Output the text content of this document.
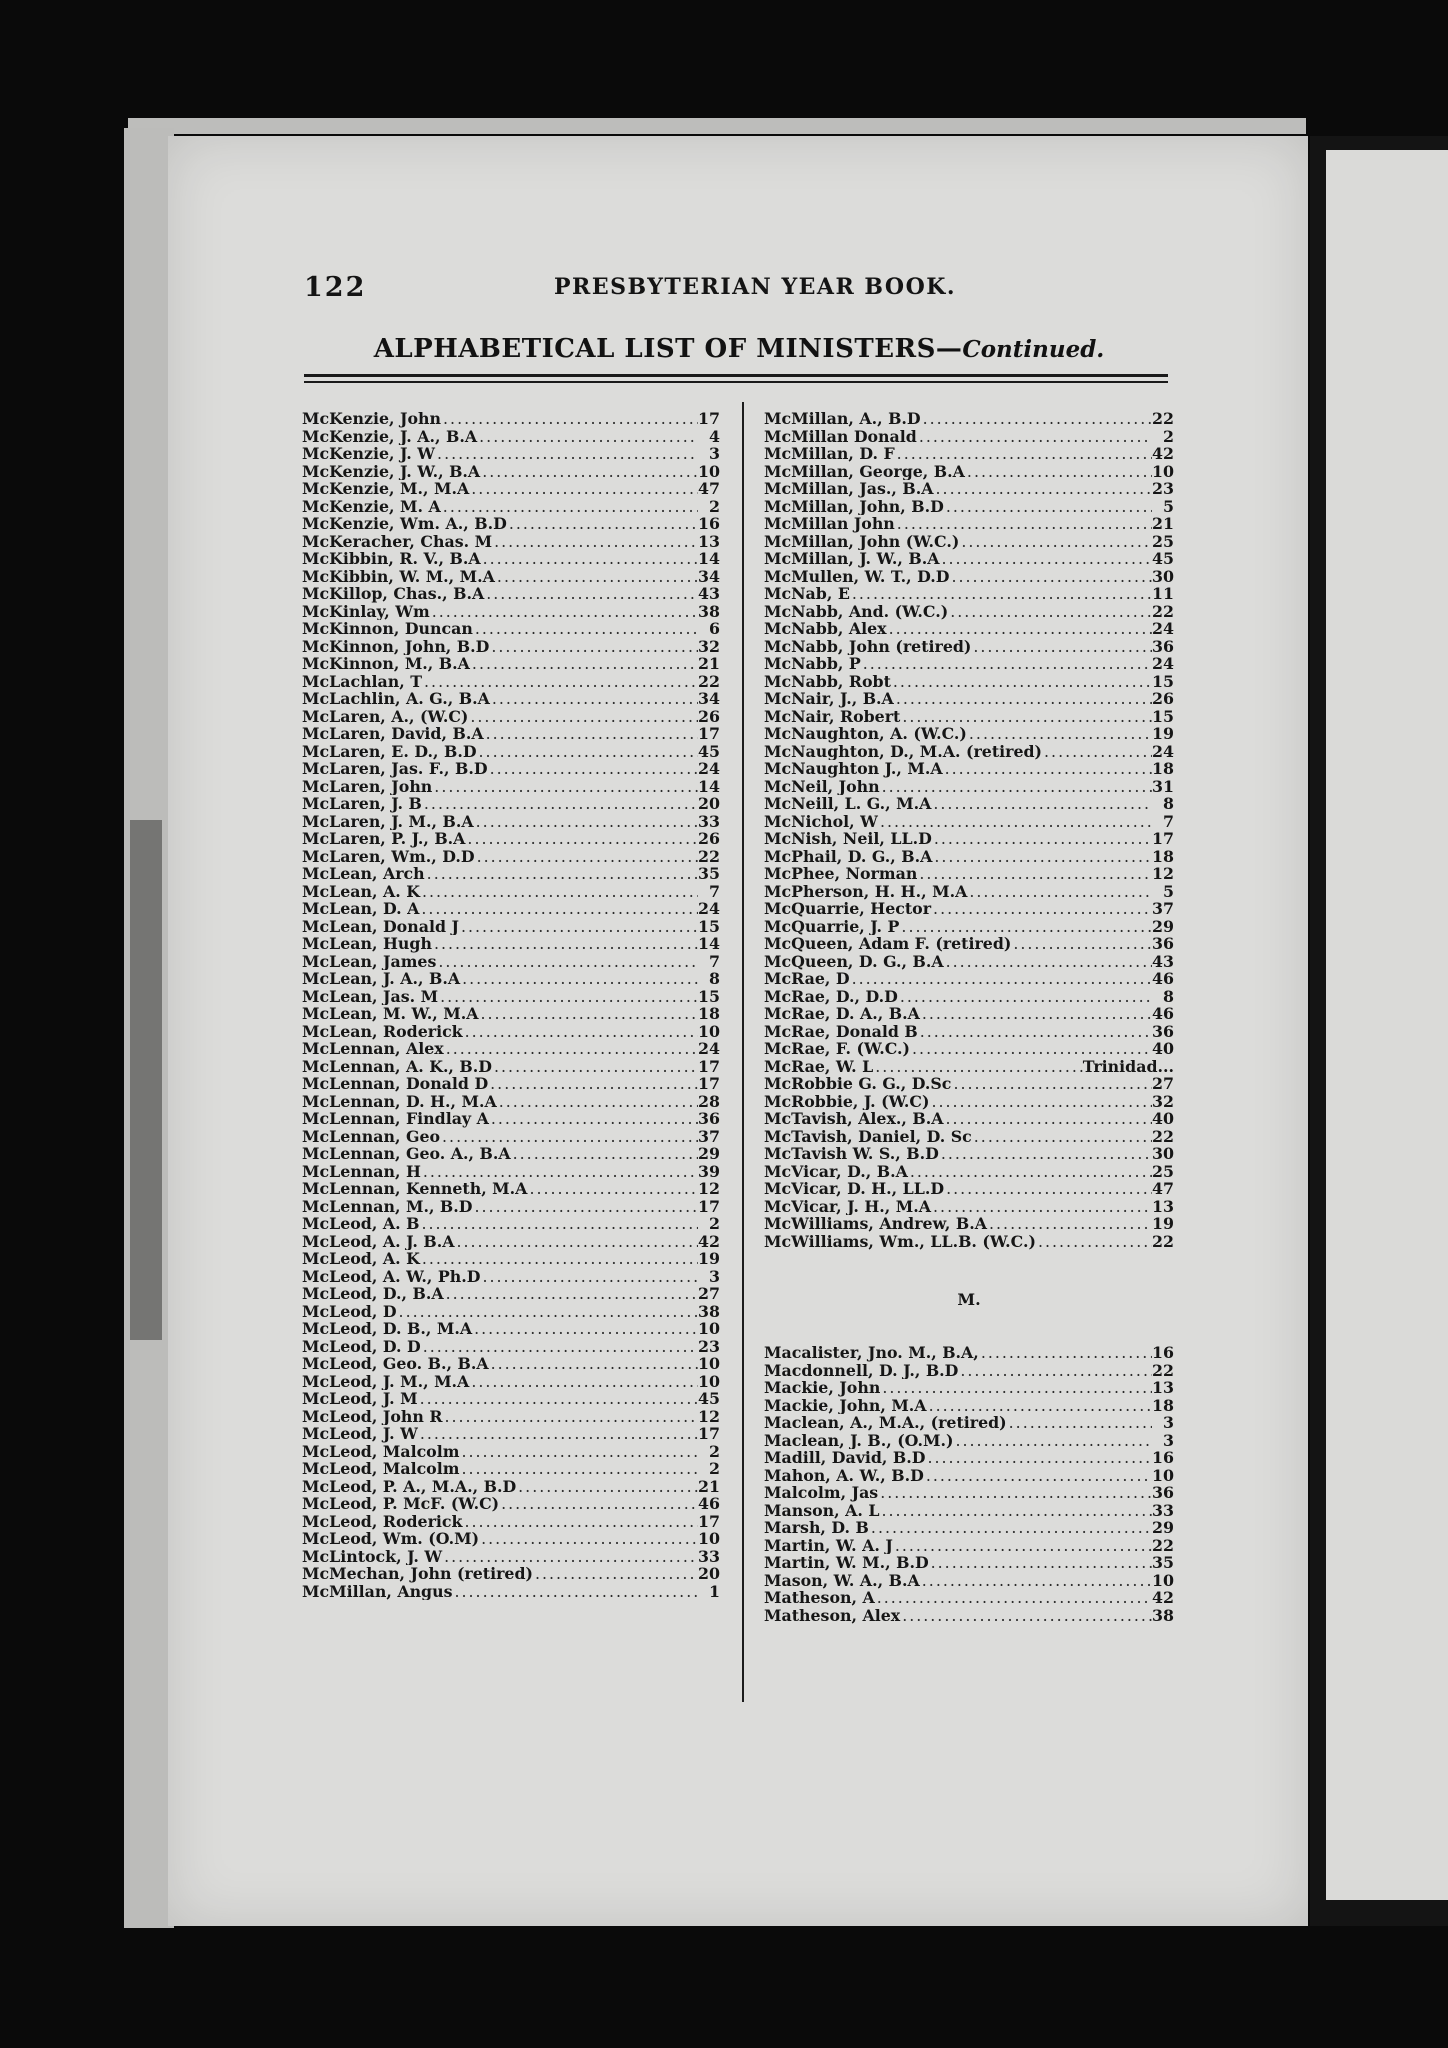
122	PRESBYTERIAN YEAR BOOK.
ALPHABETICAL LIST OF MINISTERS—Continued.
McKenzie, John .....	17
McKenzie, J. A., B.A .....	4
McKenzie, J. W .....	3
McKenzie, J. W., B.A .....	10
McKenzie, M., M.A .....	47
McKenzie, M. A .....	2
McKenzie, Wm. A., B.D .....	16
McKeracher, Chas. M .....	13
McKibbin, R. V., B.A .....	14
McKibbin, W. M., M.A .....	34
McKillop, Chas., B.A .....	43
McKinlay, Wm .....	38
McKinnon, Duncan .....	6
McKinnon, John, B.D .....	32
McKinnon, M., B.A .....	21
McLachlan, T .....	22
McLachlin, A. G., B.A .....	34
McLaren, A., (W.C) .....	26
McLaren, David, B.A .....	17
McLaren, E. D., B.D .....	45
McLaren, Jas. F., B.D .....	24
McLaren, John .....	14
McLaren, J. B .....	20
McLaren, J. M., B.A .....	33
McLaren, P. J., B.A .....	26
McLaren, Wm., D.D .....	22
McLean, Arch .....	35
McLean, A. K .....	7
McLean, D. A .....	24
McLean, Donald J .....	15
McLean, Hugh .....	14
McLean, James .....	7
McLean, J. A., B.A .....	8
McLean, Jas. M .....	15
McLean, M. W., M.A .....	18
McLean, Roderick .....	10
McLennan, Alex .....	24
McLennan, A. K., B.D .....	17
McLennan, Donald D .....	17
McLennan, D. H., M.A .....	28
McLennan, Findlay A .....	36
McLennan, Geo .....	37
McLennan, Geo. A., B.A .....	29
McLennan, H .....	39
McLennan, Kenneth, M.A .....	12
McLennan, M., B.D .....	17
McLeod, A. B .....	2
McLeod, A. J. B.A .....	42
McLeod, A. K .....	19
McLeod, A. W., Ph.D .....	3
McLeod, D., B.A .....	27
McLeod, D .....	38
McLeod, D. B., M.A .....	10
McLeod, D. D .....	23
McLeod, Geo. B., B.A .....	10
McLeod, J. M., M.A .....	10
McLeod, J. M .....	45
McLeod, John R .....	12
McLeod, J. W .....	17
McLeod, Malcolm .....	2
McLeod, Malcolm .....	2
McLeod, P. A., M.A., B.D .....	21
McLeod, P. McF. (W.C) .....	46
McLeod, Roderick .....	17
McLeod, Wm. (O.M) .....	10
McLintock, J. W .....	33
McMechan, John (retired) .....	20
McMillan, Angus .....	1
McMillan, A., B.D .....	22
McMillan Donald .....	2
McMillan, D. F .....	42
McMillan, George, B.A .....	10
McMillan, Jas., B.A .....	23
McMillan, John, B.D .....	5
McMillan John .....	21
McMillan, John (W.C.) .....	25
McMillan, J. W., B.A .....	45
McMullen, W. T., D.D .....	30
McNab, E .....	11
McNabb, And. (W.C.) .....	22
McNabb, Alex .....	24
McNabb, John (retired) .....	36
McNabb, P .....	24
McNabb, Robt .....	15
McNair, J., B.A .....	26
McNair, Robert .....	15
McNaughton, A. (W.C.) .....	19
McNaughton, D., M.A. (retired) .....	24
McNaughton J., M.A .....	18
McNeil, John .....	31
McNeill, L. G., M.A .....	8
McNichol, W .....	7
McNish, Neil, LL.D .....	17
McPhail, D. G., B.A .....	18
McPhee, Norman .....	12
McPherson, H. H., M.A .....	5
McQuarrie, Hector .....	37
McQuarrie, J. P .....	29
McQueen, Adam F. (retired) .....	36
McQueen, D. G., B.A .....	43
McRae, D .....	46
McRae, D., D.D .....	8
McRae, D. A., B.A .....	46
McRae, Donald B .....	36
McRae, F. (W.C.) .....	40
McRae, W. L .....	Trinidad...
McRobbie G. G., D.Sc .....	27
McRobbie, J. (W.C) .....	32
McTavish, Alex., B.A .....	40
McTavish, Daniel, D. Sc .....	22
McTavish W. S., B.D .....	30
McVicar, D., B.A .....	25
McVicar, D. H., LL.D .....	47
McVicar, J. H., M.A .....	13
McWilliams, Andrew, B.A .....	19
McWilliams, Wm., LL.B. (W.C.) .....	22
M.
Macalister, Jno. M., B.A, .....	16
Macdonnell, D. J., B.D .....	22
Mackie, John .....	13
Mackie, John, M.A .....	18
Maclean, A., M.A., (retired) .....	3
Maclean, J. B., (O.M.) .....	3
Madill, David, B.D .....	16
Mahon, A. W., B.D .....	10
Malcolm, Jas .....	36
Manson, A. L .....	33
Marsh, D. B .....	29
Martin, W. A. J .....	22
Martin, W. M., B.D .....	35
Mason, W. A., B.A .....	10
Matheson, A .....	42
Matheson, Alex .....	38
